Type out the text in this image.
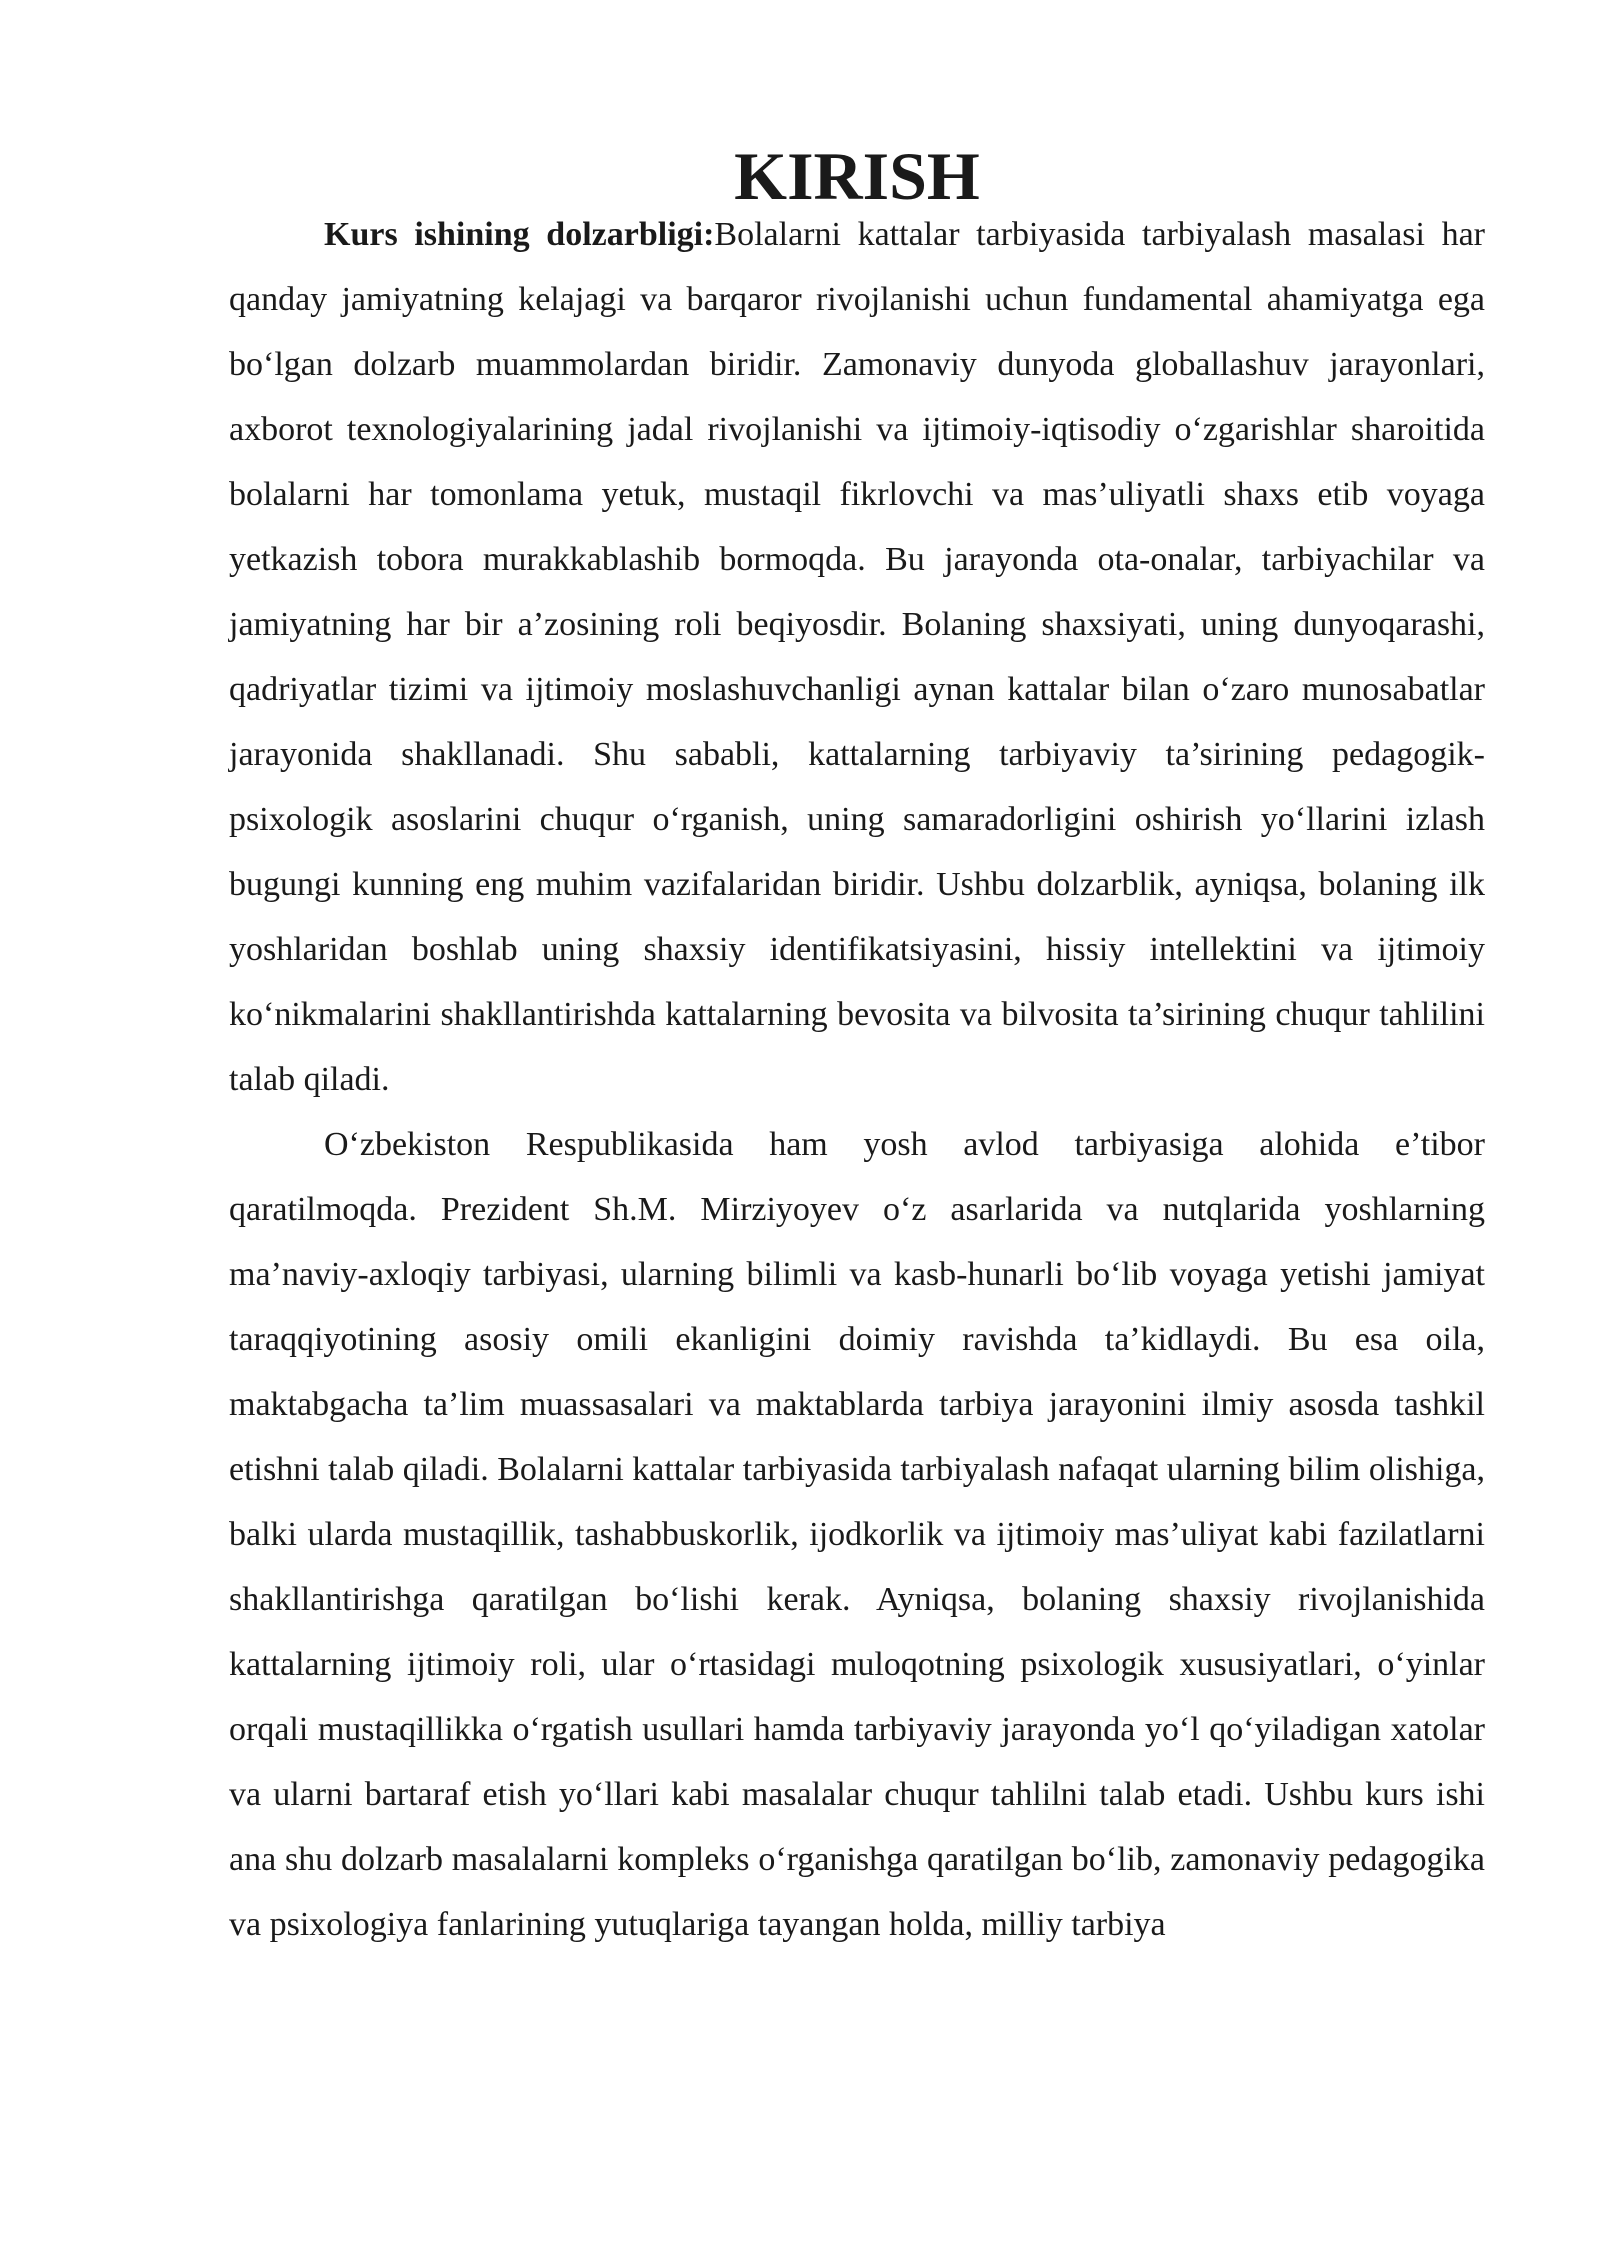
KIRISH

Kurs ishining dolzarbligi:Bolalarni kattalar tarbiyasida tarbiyalash masalasi har qanday jamiyatning kelajagi va barqaror rivojlanishi uchun fundamental ahamiyatga ega bo‘lgan dolzarb muammolardan biridir. Zamonaviy dunyoda globallashuv jarayonlari, axborot texnologiyalarining jadal rivojlanishi va ijtimoiy-iqtisodiy o‘zgarishlar sharoitida bolalarni har tomonlama yetuk, mustaqil fikrlovchi va mas’uliyatli shaxs etib voyaga yetkazish tobora murakkablashib bormoqda. Bu jarayonda ota-onalar, tarbiyachilar va jamiyatning har bir a’zosining roli beqiyosdir. Bolaning shaxsiyati, uning dunyoqarashi, qadriyatlar tizimi va ijtimoiy moslashuvchanligi aynan kattalar bilan o‘zaro munosabatlar jarayonida shakllanadi. Shu sababli, kattalarning tarbiyaviy ta’sirining pedagogik-psixologik asoslarini chuqur o‘rganish, uning samaradorligini oshirish yo‘llarini izlash bugungi kunning eng muhim vazifalaridan biridir. Ushbu dolzarblik, ayniqsa, bolaning ilk yoshlaridan boshlab uning shaxsiy identifikatsiyasini, hissiy intellektini va ijtimoiy ko‘nikmalarini shakllantirishda kattalarning bevosita va bilvosita ta’sirining chuqur tahlilini talab qiladi.

O‘zbekiston Respublikasida ham yosh avlod tarbiyasiga alohida e’tibor qaratilmoqda. Prezident Sh.M. Mirziyoyev o‘z asarlarida va nutqlarida yoshlarning ma’naviy-axloqiy tarbiyasi, ularning bilimli va kasb-hunarli bo‘lib voyaga yetishi jamiyat taraqqiyotining asosiy omili ekanligini doimiy ravishda ta’kidlaydi. Bu esa oila, maktabgacha ta’lim muassasalari va maktablarda tarbiya jarayonini ilmiy asosda tashkil etishni talab qiladi. Bolalarni kattalar tarbiyasida tarbiyalash nafaqat ularning bilim olishiga, balki ularda mustaqillik, tashabbuskorlik, ijodkorlik va ijtimoiy mas’uliyat kabi fazilatlarni shakllantirishga qaratilgan bo‘lishi kerak. Ayniqsa, bolaning shaxsiy rivojlanishida kattalarning ijtimoiy roli, ular o‘rtasidagi muloqotning psixologik xususiyatlari, o‘yinlar orqali mustaqillikka o‘rgatish usullari hamda tarbiyaviy jarayonda yo‘l qo‘yiladigan xatolar va ularni bartaraf etish yo‘llari kabi masalalar chuqur tahlilni talab etadi. Ushbu kurs ishi ana shu dolzarb masalalarni kompleks o‘rganishga qaratilgan bo‘lib, zamonaviy pedagogika va psixologiya fanlarining yutuqlariga tayangan holda, milliy tarbiya
